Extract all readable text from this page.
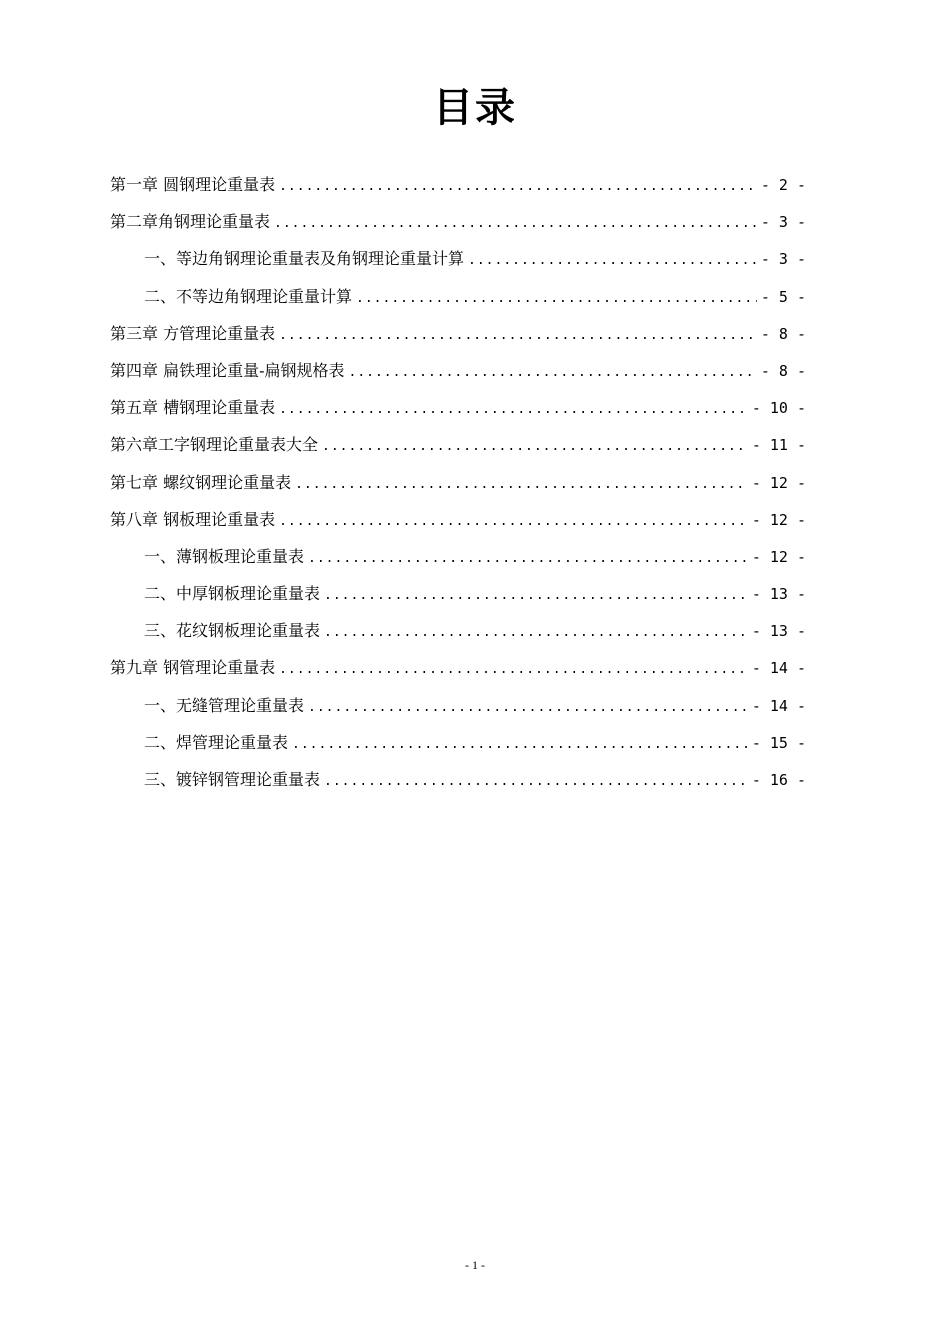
目录
第一章 圆钢理论重量表 .....	- 2 -
第二章角钢理论重量表 .....	- 3 -
一、等边角钢理论重量表及角钢理论重量计算 .....	- 3 -
二、不等边角钢理论重量计算 .....	- 5 -
第三章 方管理论重量表 .....	- 8 -
第四章 扁铁理论重量-扁钢规格表 .....	- 8 -
第五章 槽钢理论重量表 .....	- 10 -
第六章工字钢理论重量表大全 .....	- 11 -
第七章 螺纹钢理论重量表 .....	- 12 -
第八章 钢板理论重量表 .....	- 12 -
一、薄钢板理论重量表 .....	- 12 -
二、中厚钢板理论重量表 .....	- 13 -
三、花纹钢板理论重量表 .....	- 13 -
第九章 钢管理论重量表 .....	- 14 -
一、无缝管理论重量表 .....	- 14 -
二、焊管理论重量表 .....	- 15 -
三、镀锌钢管理论重量表 .....	- 16 -
- 1 -
